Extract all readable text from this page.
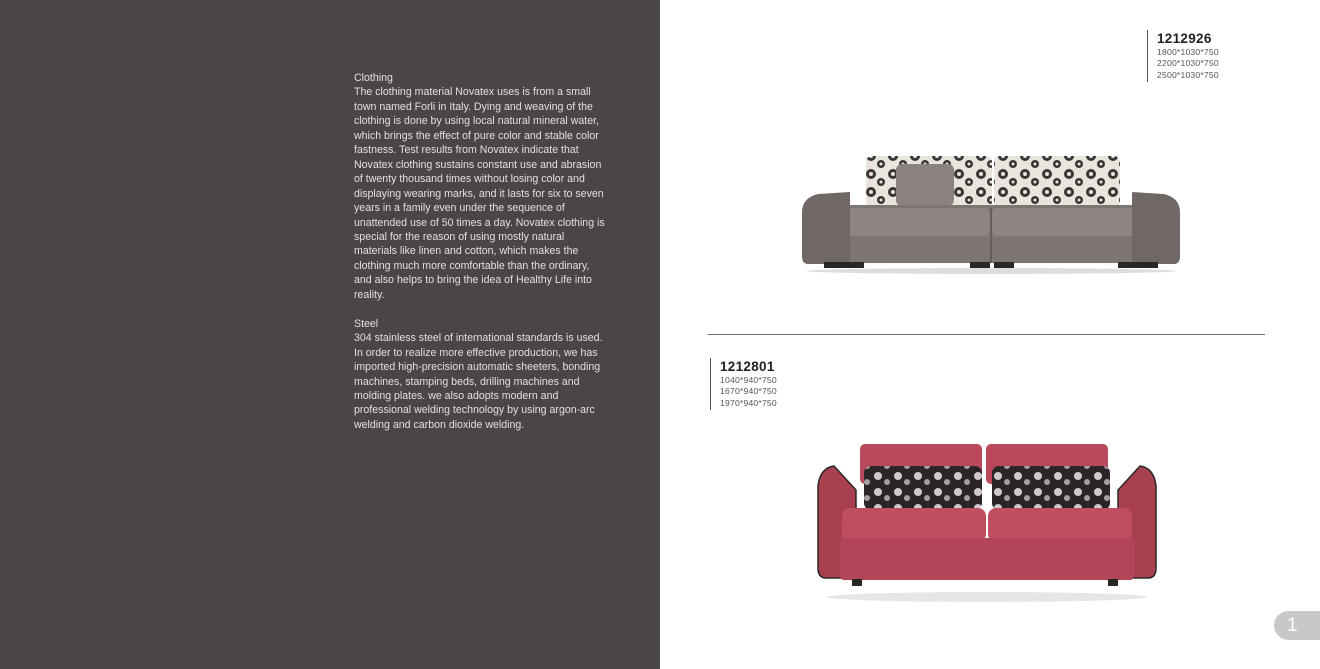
Clothing

The clothing material Novatex uses is from a small town named Forli in Italy. Dying and weaving of the clothing is done by using local natural mineral water, which brings the effect of pure color and stable color fastness. Test results from Novatex indicate that Novatex clothing sustains constant use and abrasion of twenty thousand times without losing color and displaying wearing marks, and it lasts for six to seven years in a family even under the sequence of unattended use of 50 times a day. Novatex clothing is special for the reason of using mostly natural materials like linen and cotton, which makes the clothing much more comfortable than the ordinary, and also helps to bring the idea of Healthy Life into reality.

Steel

304 stainless steel of international standards is used. In order to realize more effective production, we has imported high-precision automatic sheeters, bonding machines, stamping beds, drilling machines and molding plates. we also adopts modern and professional welding technology by using argon-arc welding and carbon dioxide welding.

1212926
1800*1030*750
2200*1030*750
2500*1030*750
1212801
1040*940*750
1670*940*750
1970*940*750
1
